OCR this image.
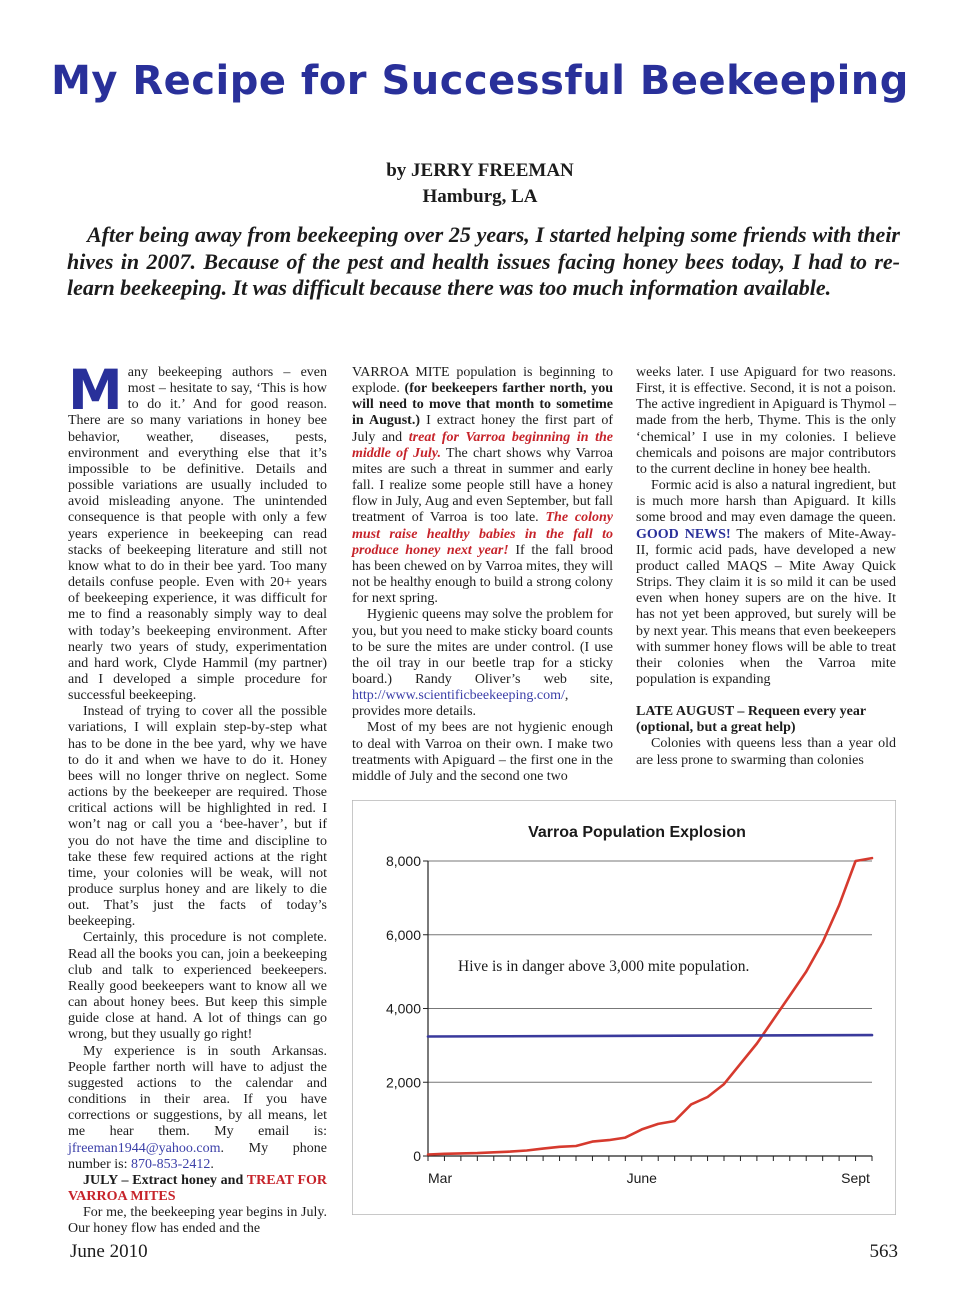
My Recipe for Successful Beekeeping
by JERRY FREEMAN
Hamburg, LA

After being away from beekeeping over 25 years, I started helping some friends with their hives in 2007. Because of the pest and health issues facing honey bees today, I had to re-learn beekeeping. It was difficult because there was too much information available.

Many beekeeping authors – even most – hesitate to say, ‘This is how to do it.’ And for good reason. There are so many variations in honey bee behavior, weather, diseases, pests, environment and everything else that it’s impossible to be definitive. Details and possible variations are usually included to avoid misleading anyone. The unintended consequence is that people with only a few years experience in beekeeping can read stacks of beekeeping literature and still not know what to do in their bee yard. Too many details confuse people. Even with 20+ years of beekeeping experience, it was difficult for me to find a reasonably simply way to deal with today’s beekeeping environment. After nearly two years of study, experimentation and hard work, Clyde Hammil (my partner) and I developed a simple procedure for successful beekeeping.

Instead of trying to cover all the possible variations, I will explain step-by-step what has to be done in the bee yard, why we have to do it and when we have to do it. Honey bees will no longer thrive on neglect. Some actions by the beekeeper are required. Those critical actions will be highlighted in red. I won’t nag or call you a ‘bee-haver’, but if you do not have the time and discipline to take these few required actions at the right time, your colonies will be weak, will not produce surplus honey and are likely to die out. That’s just the facts of today’s beekeeping.

Certainly, this procedure is not complete. Read all the books you can, join a beekeeping club and talk to experienced beekeepers. Really good beekeepers want to know all we can about honey bees. But keep this simple guide close at hand. A lot of things can go wrong, but they usually go right!

My experience is in south Arkansas. People farther north will have to adjust the suggested actions to the calendar and conditions in their area. If you have corrections or suggestions, by all means, let me hear them. My email is: jfreeman1944@yahoo.com. My phone number is: 870-853-2412.

JULY – Extract honey and TREAT FOR VARROA MITES

For me, the beekeeping year begins in July. Our honey flow has ended and the

VARROA MITE population is beginning to explode. (for beekeepers farther north, you will need to move that month to sometime in August.) I extract honey the first part of July and treat for Varroa beginning in the middle of July. The chart shows why Varroa mites are such a threat in summer and early fall. I realize some people still have a honey flow in July, Aug and even September, but fall treatment of Varroa is too late. The colony must raise healthy babies in the fall to produce honey next year! If the fall brood has been chewed on by Varroa mites, they will not be healthy enough to build a strong colony for next spring.

Hygienic queens may solve the problem for you, but you need to make sticky board counts to be sure the mites are under control. (I use the oil tray in our beetle trap for a sticky board.) Randy Oliver’s web site, http://www.scientificbeekeeping.com/, provides more details.

Most of my bees are not hygienic enough to deal with Varroa on their own. I make two treatments with Apiguard – the first one in the middle of July and the second one two

weeks later. I use Apiguard for two reasons. First, it is effective. Second, it is not a poison. The active ingredient in Apiguard is Thymol – made from the herb, Thyme. This is the only ‘chemical’ I use in my colonies. I believe chemicals and poisons are major contributors to the current decline in honey bee health.

Formic acid is also a natural ingredient, but is much more harsh than Apiguard. It kills some brood and may even damage the queen. GOOD NEWS! The makers of Mite-Away-II, formic acid pads, have developed a new product called MAQS – Mite Away Quick Strips. They claim it is so mild it can be used even when honey supers are on the hive. It has not yet been approved, but surely will be by next year. This means that even beekeepers with summer honey flows will be able to treat their colonies when the Varroa mite population is expanding

LATE AUGUST – Requeen every year

(optional, but a great help)

Colonies with queens less than a year old are less prone to swarming than colonies

Varroa Population Explosion
0
2,000
4,000
6,000
8,000
Mar	June	Sept
Hive is in danger above 3,000 mite population.
June 2010	563
